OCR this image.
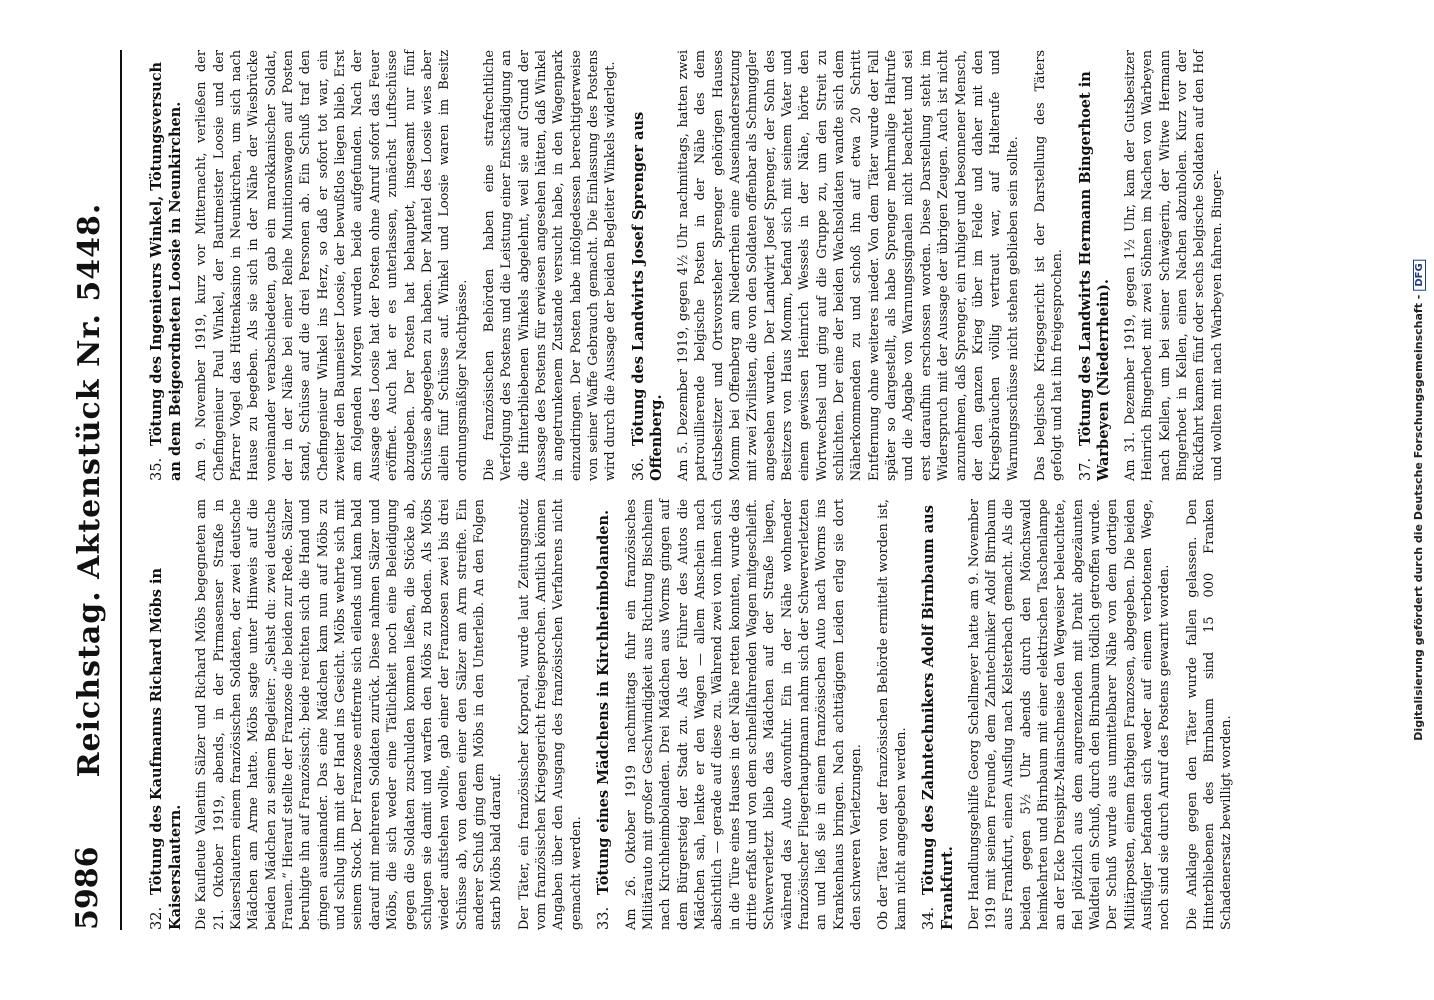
5986
Reichstag. Aktenstück Nr. 5448.
32.Tötung des Kaufmanns Richard Möbs in Kaiserslautern. Die Kaufleute Valentin Sälzer und Richard Möbs begegneten am 21. Oktober 1919, abends, in der Pirmasenser Straße in Kaiserslautern einem französischen Soldaten, der zwei deutsche Mädchen am Arme hatte. Möbs sagte unter Hinweis auf die beiden Mädchen zu seinem Begleiter: „Siehst du: zwei deutsche Frauen.“ Hierauf stellte der Franzose die beiden zur Rede. Sälzer beruhigte ihn auf Französisch; beide reichten sich die Hand und gingen auseinander. Das eine Mädchen kam nun auf Möbs zu und schlug ihm mit der Hand ins Gesicht. Möbs wehrte sich mit seinem Stock. Der Franzose entfernte sich eilends und kam bald darauf mit mehreren Soldaten zurück. Diese nahmen Sälzer und Möbs, die sich weder eine Tätlichkeit noch eine Beleidigung gegen die Soldaten zuschulden kommen ließen, die Stöcke ab, schlugen sie damit und warfen den Möbs zu Boden. Als Möbs wieder aufstehen wollte, gab einer der Franzosen zwei bis drei Schüsse ab, von denen einer den Sälzer am Arm streifte. Ein anderer Schuß ging dem Möbs in den Unterleib. An den Folgen starb Möbs bald darauf. Der Täter, ein französischer Korporal, wurde laut Zeitungsnotiz vom französischen Kriegsgericht freigesprochen. Amtlich können Angaben über den Ausgang des französischen Verfahrens nicht gemacht werden. 33.Tötung eines Mädchens in Kirchheimbolanden. Am 26. Oktober 1919 nachmittags fuhr ein französisches Militärauto mit großer Geschwindigkeit aus Richtung Bischheim nach Kirchheimbolanden. Drei Mädchen aus Worms gingen auf dem Bürgersteig der Stadt zu. Als der Führer des Autos die Mädchen sah, lenkte er den Wagen — allem Anschein nach absichtlich — gerade auf diese zu. Während zwei von ihnen sich in die Türe eines Hauses in der Nähe retten konnten, wurde das dritte erfaßt und von dem schnellfahrenden Wagen mitgeschleift. Schwerverletzt blieb das Mädchen auf der Straße liegen, während das Auto davonfuhr. Ein in der Nähe wohnender französischer Fliegerhauptmann nahm sich der Schwerverletzten an und ließ sie in einem französischen Auto nach Worms ins Krankenhaus bringen. Nach achttägigem Leiden erlag sie dort den schweren Verletzungen. Ob der Täter von der französischen Behörde ermittelt worden ist, kann nicht angegeben werden. 34.Tötung des Zahntechnikers Adolf Birnbaum aus Frankfurt. Der Handlungsgehilfe Georg Schellmeyer hatte am 9. November 1919 mit seinem Freunde, dem Zahntechniker Adolf Birnbaum aus Frankfurt, einen Ausflug nach Kelsterbach gemacht. Als die beiden gegen 5½ Uhr abends durch den Mönchswald heimkehrten und Birnbaum mit einer elektrischen Taschenlampe an der Ecke Dreispitz-Mainschneise den Wegweiser beleuchtete, fiel plötzlich aus dem angrenzenden mit Draht abgezäunten Waldteil ein Schuß, durch den Birnbaum tödlich getroffen wurde. Der Schuß wurde aus unmittelbarer Nähe von dem dortigen Militärposten, einem farbigen Franzosen, abgegeben. Die beiden Ausflügler befanden sich weder auf einem verbotenen Wege, noch sind sie durch Anruf des Postens gewarnt worden. Die Anklage gegen den Täter wurde fallen gelassen. Den Hinterbliebenen des Birnbaum sind 15 000 Franken Schadenersatz bewilligt worden.

35.Tötung des Ingenieurs Winkel, Tötungsversuch an dem Beigeordneten Loosie in Neunkirchen. Am 9. November 1919, kurz vor Mitternacht, verließen der Chefingenieur Paul Winkel, der Bautmeister Loosie und der Pfarrer Vogel das Hüttenkasino in Neunkirchen, um sich nach Hause zu begeben. Als sie sich in der Nähe der Wiesbrücke voneinander verabschiedeten, gab ein marokkanischer Soldat, der in der Nähe bei einer Reihe Munitionswagen auf Posten stand, Schüsse auf die drei Personen ab. Ein Schuß traf den Chefingenieur Winkel ins Herz, so daß er sofort tot war, ein zweiter den Baumeister Loosie, der bewußtlos liegen blieb. Erst am folgenden Morgen wurden beide aufgefunden. Nach der Aussage des Loosie hat der Posten ohne Anruf sofort das Feuer eröffnet. Auch hat er es unterlassen, zunächst Luftschüsse abzugeben. Der Posten hat behauptet, insgesamt nur fünf Schüsse abgegeben zu haben. Der Mantel des Loosie wies aber allein fünf Schüsse auf. Winkel und Loosie waren im Besitz ordnungsmäßiger Nachtpässe. Die französischen Behörden haben eine strafrechtliche Verfolgung des Postens und die Leistung einer Entschädigung an die Hinterbliebenen Winkels abgelehnt, weil sie auf Grund der Aussage des Postens für erwiesen angesehen hätten, daß Winkel in angetrunkenem Zustande versucht habe, in den Wagenpark einzudringen. Der Posten habe infolgedessen berechtigterweise von seiner Waffe Gebrauch gemacht. Die Einlassung des Postens wird durch die Aussage der beiden Begleiter Winkels widerlegt. 36.Tötung des Landwirts Josef Sprenger aus Offenberg. Am 5. Dezember 1919, gegen 4½ Uhr nachmittags, hatten zwei patrouillierende belgische Posten in der Nähe des dem Gutsbesitzer und Ortsvorsteher Sprenger gehörigen Hauses Momm bei Offenberg am Niederrhein eine Auseinandersetzung mit zwei Zivilisten, die von den Soldaten offenbar als Schmuggler angesehen wurden. Der Landwirt Josef Sprenger, der Sohn des Besitzers von Haus Momm, befand sich mit seinem Vater und einem gewissen Heinrich Wessels in der Nähe, hörte den Wortwechsel und ging auf die Gruppe zu, um den Streit zu schlichten. Der eine der beiden Wachsoldaten wandte sich dem Näherkommenden zu und schoß ihn auf etwa 20 Schritt Entfernung ohne weiteres nieder. Von dem Täter wurde der Fall später so dargestellt, als habe Sprenger mehrmalige Haltrufe und die Abgabe von Warnungssignalen nicht beachtet und sei erst daraufhin erschossen worden. Diese Darstellung steht im Widerspruch mit der Aussage der übrigen Zeugen. Auch ist nicht anzunehmen, daß Sprenger, ein ruhiger und besonnener Mensch, der den ganzen Krieg über im Felde und daher mit den Kriegsbräuchen völlig vertraut war, auf Halterufe und Warnungsschüsse nicht stehen geblieben sein sollte. Das belgische Kriegsgericht ist der Darstellung des Täters gefolgt und hat ihn freigesprochen. 37.Tötung des Landwirts Hermann Bingerhoet in Warbeyen (Niederrhein). Am 31. Dezember 1919, gegen 1½ Uhr, kam der Gutsbesitzer Heinrich Bingerhoet mit zwei Söhnen im Nachen von Warbeyen nach Kellen, um bei seiner Schwägerin, der Witwe Hermann Bingerhoet in Kellen, einen Nachen abzuholen. Kurz vor der Rückfahrt kamen fünf oder sechs belgische Soldaten auf den Hof und wollten mit nach Warbeyen fahren. Binger-	Digitalisierung gefördert durch die Deutsche Forschungsgemeinschaft -DFG
